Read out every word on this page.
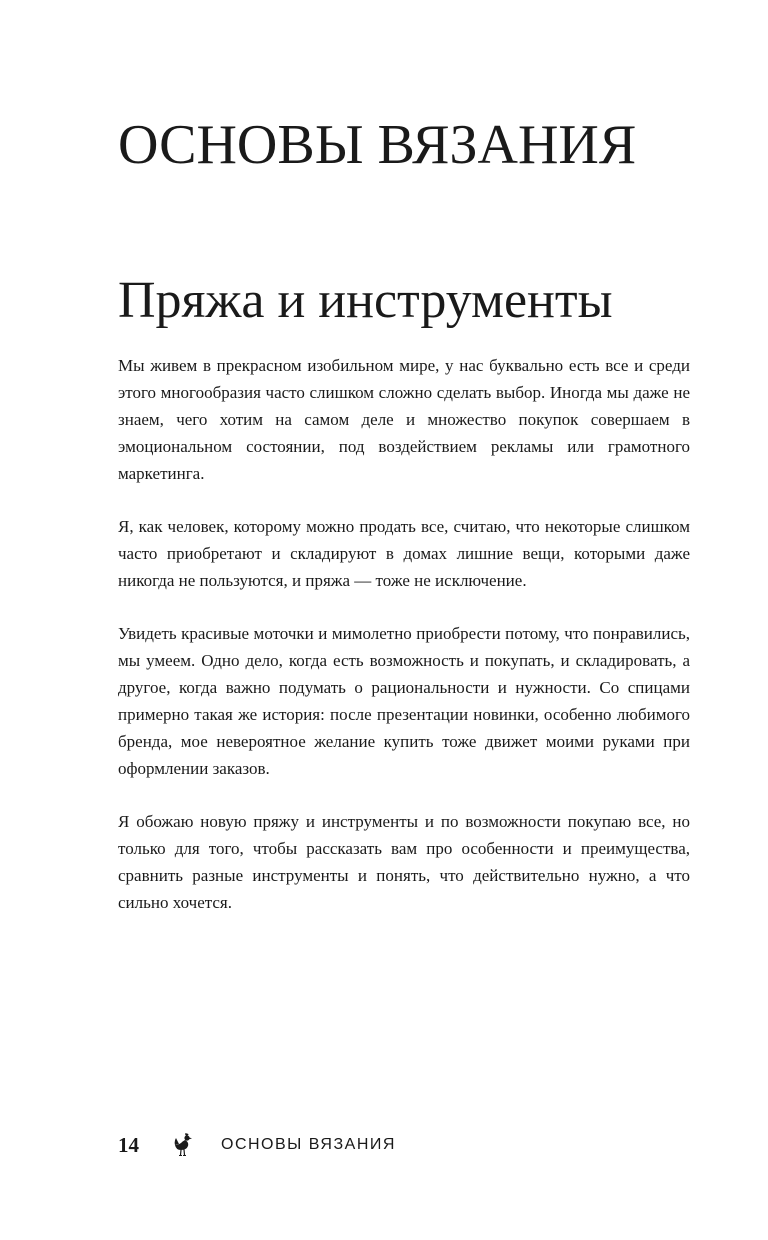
ОСНОВЫ ВЯЗАНИЯ
Пряжа и инструменты

Мы живем в прекрасном изобильном мире, у нас буквально есть все и среди этого многообразия часто слишком сложно сделать выбор. Иногда мы даже не знаем, чего хотим на самом деле и множество покупок совершаем в эмоциональном состоянии, под воздействием рекламы или грамотного маркетинга.

Я, как человек, которому можно продать все, считаю, что некоторые слишком часто приобретают и складируют в домах лишние вещи, которыми даже никогда не пользуются, и пряжа — тоже не исключение.

Увидеть красивые моточки и мимолетно приобрести потому, что понравились, мы умеем. Одно дело, когда есть возможность и покупать, и складировать, а другое, когда важно подумать о рациональности и нужности. Со спицами примерно такая же история: после презентации новинки, особенно любимого бренда, мое невероятное желание купить тоже движет моими руками при оформлении заказов.

Я обожаю новую пряжу и инструменты и по возможности покупаю все, но только для того, чтобы рассказать вам про особенности и преимущества, сравнить разные инструменты и понять, что действительно нужно, а что сильно хочется.

14	ОСНОВЫ ВЯЗАНИЯ
